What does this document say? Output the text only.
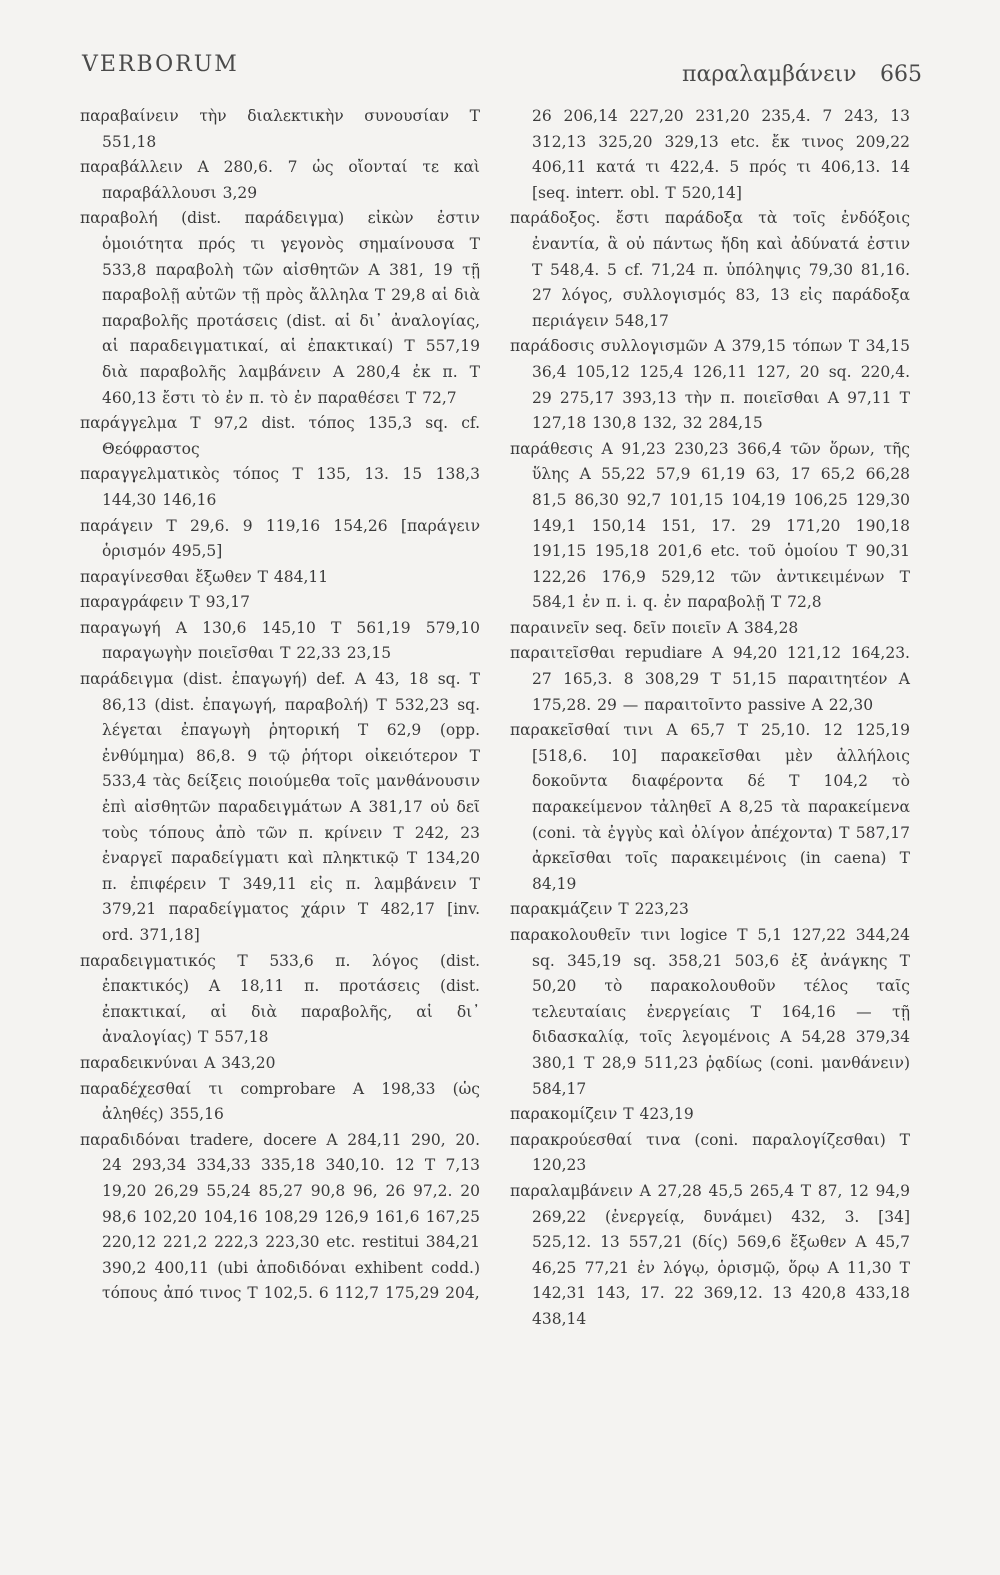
VERBORUM	παραλαμβάνειν 665
παραβαίνειν τὴν διαλεκτικὴν συνουσίαν T 551,18
παραβάλλειν A 280,6. 7 ὡς οἴονταί τε καὶ παραβάλλουσι 3,29
παραβολή (dist. παράδειγμα) εἰκὼν ἐστιν ὁμοιότητα πρός τι γεγονὸς σημαίνουσα T 533,8 παραβολὴ τῶν αἰσθητῶν A 381, 19 τῇ παραβολῇ αὐτῶν τῇ πρὸς ἄλληλα T 29,8 αἱ διὰ παραβολῆς προτάσεις (dist. αἱ δι᾿ ἀναλογίας, αἱ παραδειγματικαί, αἱ ἐπακτικαί) T 557,19 διὰ παραβολῆς λαμβάνειν A 280,4 ἐκ π. T 460,13 ἔστι τὸ ἐν π. τὸ ἐν παραθέσει T 72,7
παράγγελμα T 97,2 dist. τόπος 135,3 sq. cf. Θεόφραστος
παραγγελματικὸς τόπος T 135, 13. 15 138,3 144,30 146,16
παράγειν T 29,6. 9 119,16 154,26 [παράγειν ὁρισμόν 495,5]
παραγίνεσθαι ἔξωθεν T 484,11
παραγράφειν T 93,17
παραγωγή A 130,6 145,10 T 561,19 579,10 παραγωγὴν ποιεῖσθαι T 22,33 23,15
παράδειγμα (dist. ἐπαγωγή) def. A 43, 18 sq. T 86,13 (dist. ἐπαγωγή, παραβολή) T 532,23 sq. λέγεται ἐπαγωγὴ ῥητορική T 62,9 (opp. ἐνθύμημα) 86,8. 9 τῷ ῥήτορι οἰκειότερον T 533,4 τὰς δείξεις ποιούμεθα τοῖς μανθάνουσιν ἐπὶ αἰσθητῶν παραδειγμάτων A 381,17 οὐ δεῖ τοὺς τόπους ἀπὸ τῶν π. κρίνειν T 242, 23 ἐναργεῖ παραδείγματι καὶ πληκτικῷ T 134,20 π. ἐπιφέρειν T 349,11 εἰς π. λαμβάνειν T 379,21 παραδείγματος χάριν T 482,17 [inv. ord. 371,18]
παραδειγματικός T 533,6 π. λόγος (dist. ἐπακτικός) A 18,11 π. προτάσεις (dist. ἐπακτικαί, αἱ διὰ παραβολῆς, αἱ δι᾿ ἀναλογίας) T 557,18
παραδεικνύναι A 343,20
παραδέχεσθαί τι comprobare A 198,33 (ὡς ἀληθές) 355,16
παραδιδόναι tradere, docere A 284,11 290, 20. 24 293,34 334,33 335,18 340,10. 12 T 7,13 19,20 26,29 55,24 85,27 90,8 96, 26 97,2. 20 98,6 102,20 104,16 108,29 126,9 161,6 167,25 220,12 221,2 222,3 223,30 etc. restitui 384,21 390,2 400,11 (ubi ἀποδιδόναι exhibent codd.) τόπους ἀπό τινος T 102,5. 6 112,7 175,29 204,
26 206,14 227,20 231,20 235,4. 7 243, 13 312,13 325,20 329,13 etc. ἔκ τινος 209,22 406,11 κατά τι 422,4. 5 πρός τι 406,13. 14 [seq. interr. obl. T 520,14]
παράδοξος. ἔστι παράδοξα τὰ τοῖς ἐνδόξοις ἐναντία, ἃ οὐ πάντως ἤδη καὶ ἀδύνατά ἐστιν T 548,4. 5 cf. 71,24 π. ὑπόληψις 79,30 81,16. 27 λόγος, συλλογισμός 83, 13 εἰς παράδοξα περιάγειν 548,17
παράδοσις συλλογισμῶν A 379,15 τόπων T 34,15 36,4 105,12 125,4 126,11 127, 20 sq. 220,4. 29 275,17 393,13 τὴν π. ποιεῖσθαι A 97,11 T 127,18 130,8 132, 32 284,15
παράθεσις A 91,23 230,23 366,4 τῶν ὅρων, τῆς ὕλης A 55,22 57,9 61,19 63, 17 65,2 66,28 81,5 86,30 92,7 101,15 104,19 106,25 129,30 149,1 150,14 151, 17. 29 171,20 190,18 191,15 195,18 201,6 etc. τοῦ ὁμοίου T 90,31 122,26 176,9 529,12 τῶν ἀντικειμένων T 584,1 ἐν π. i. q. ἐν παραβολῇ T 72,8
παραινεῖν seq. δεῖν ποιεῖν A 384,28
παραιτεῖσθαι repudiare A 94,20 121,12 164,23. 27 165,3. 8 308,29 T 51,15 παραιτητέον A 175,28. 29 — παραιτοῖντο passive A 22,30
παρακεῖσθαί τινι A 65,7 T 25,10. 12 125,19 [518,6. 10] παρακεῖσθαι μὲν ἀλλήλοις δοκοῦντα διαφέροντα δέ T 104,2 τὸ παρακείμενον τἀληθεῖ A 8,25 τὰ παρακείμενα (coni. τὰ ἐγγὺς καὶ ὀλίγον ἀπέχοντα) T 587,17 ἀρκεῖσθαι τοῖς παρακειμένοις (in caena) T 84,19
παρακμάζειν T 223,23
παρακολουθεῖν τινι logice T 5,1 127,22 344,24 sq. 345,19 sq. 358,21 503,6 ἐξ ἀνάγκης T 50,20 τὸ παρακολουθοῦν τέλος ταῖς τελευταίαις ἐνεργείαις T 164,16 — τῇ διδασκαλίᾳ, τοῖς λεγομένοις A 54,28 379,34 380,1 T 28,9 511,23 ῥᾳδίως (coni. μανθάνειν) 584,17
παρακομίζειν T 423,19
παρακρούεσθαί τινα (coni. παραλογίζεσθαι) T 120,23
παραλαμβάνειν A 27,28 45,5 265,4 T 87, 12 94,9 269,22 (ἐνεργείᾳ, δυνάμει) 432, 3. [34] 525,12. 13 557,21 (δίς) 569,6 ἔξωθεν A 45,7 46,25 77,21 ἐν λόγῳ, ὁρισμῷ, ὅρῳ A 11,30 T 142,31 143, 17. 22 369,12. 13 420,8 433,18 438,14
